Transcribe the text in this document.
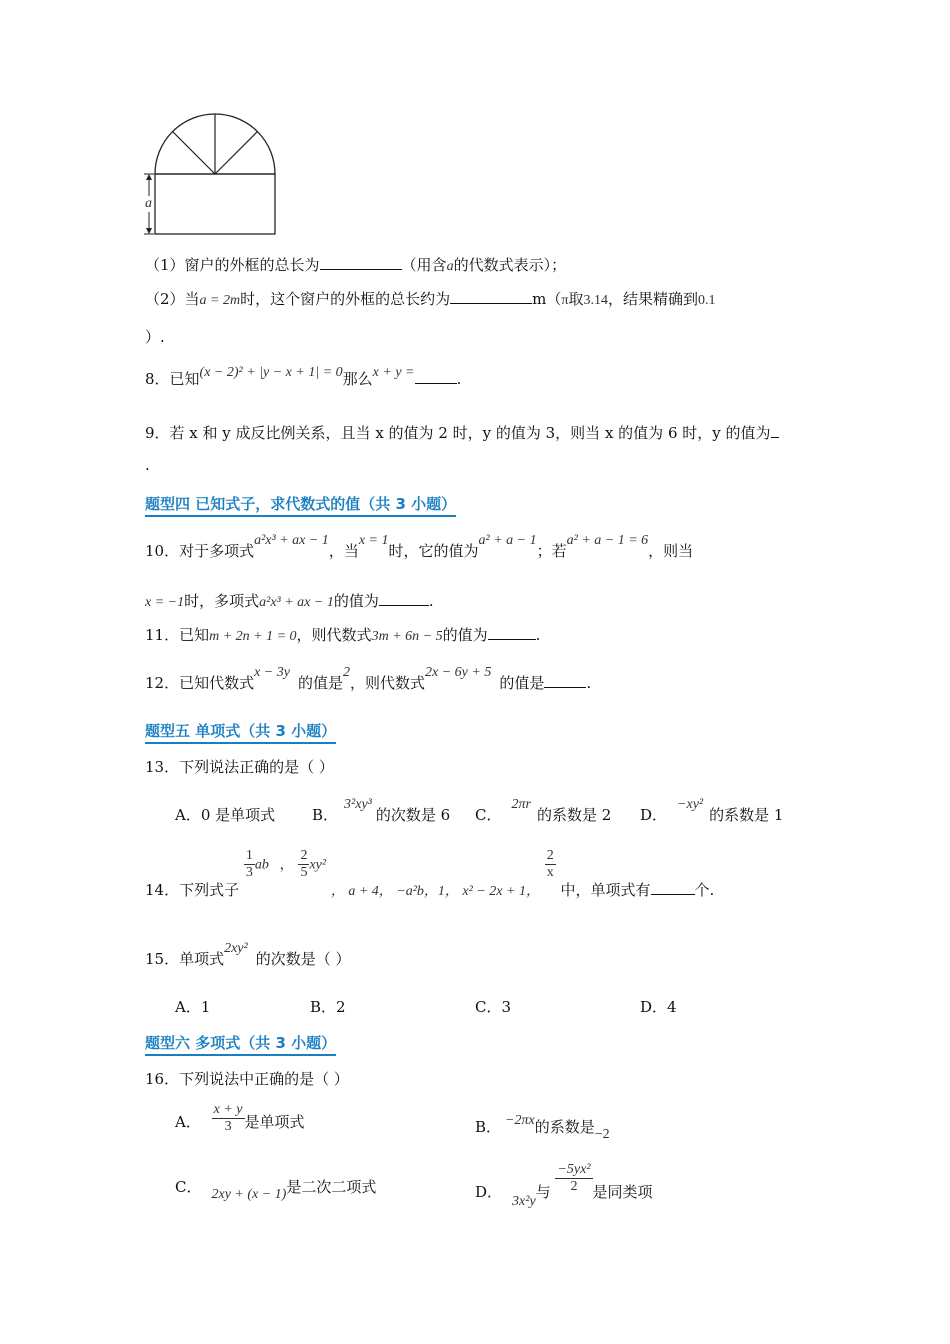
a
（1）窗户的外框的总长为	（用含a的代数式表示）；
（2）当a = 2m时，这个窗户的外框的总长约为	m（π取3.14，结果精确到0.1
）.
8．已知(x − 2)² + |y − x + 1| = 0那么x + y =	.
9．若 x 和 y 成反比例关系，且当 x 的值为 2 时，y 的值为 3，则当 x 的值为 6 时，y 的值为
.
题型四 已知式子，求代数式的值（共 3 小题）
10．对于多项式a²x³ + ax − 1，当x = 1时，它的值为a² + a − 1；若a² + a − 1 = 6，则当
x = −1时，多项式a²x³ + ax − 1的值为	.
11．已知m + 2n + 1 = 0，则代数式3m + 6n − 5的值为	.
12．已知代数式x − 3y的值是2，则代数式2x − 6y + 5的值是	.
题型五 单项式（共 3 小题）
13．下列说法正确的是（ ）
A．0 是单项式 B．3²xy³的次数是 6 C．2πr的系数是 2 D．−xy²的系数是 1
14．下列式子
$\frac{1}{3}$ ab ， $\frac{2}{5} xy^2$ ， a + 4， −a²b，1， x² − 2x + 1，
$\frac{2}{x}$
中，单项式有	个.
15．单项式2xy²的次数是（ ）
A．1	B．2	C．3	D．4
题型六 多项式（共 3 小题）
16．下列说法中正确的是（ ）
A． $\frac{x + y}{3}$ 是单项式	B． −2πx的系数是−2
C． 2xy + (x − 1)是二次二项式	D．3x²y与 $\frac{\text{−5yx²}}{2}$ 是同类项
